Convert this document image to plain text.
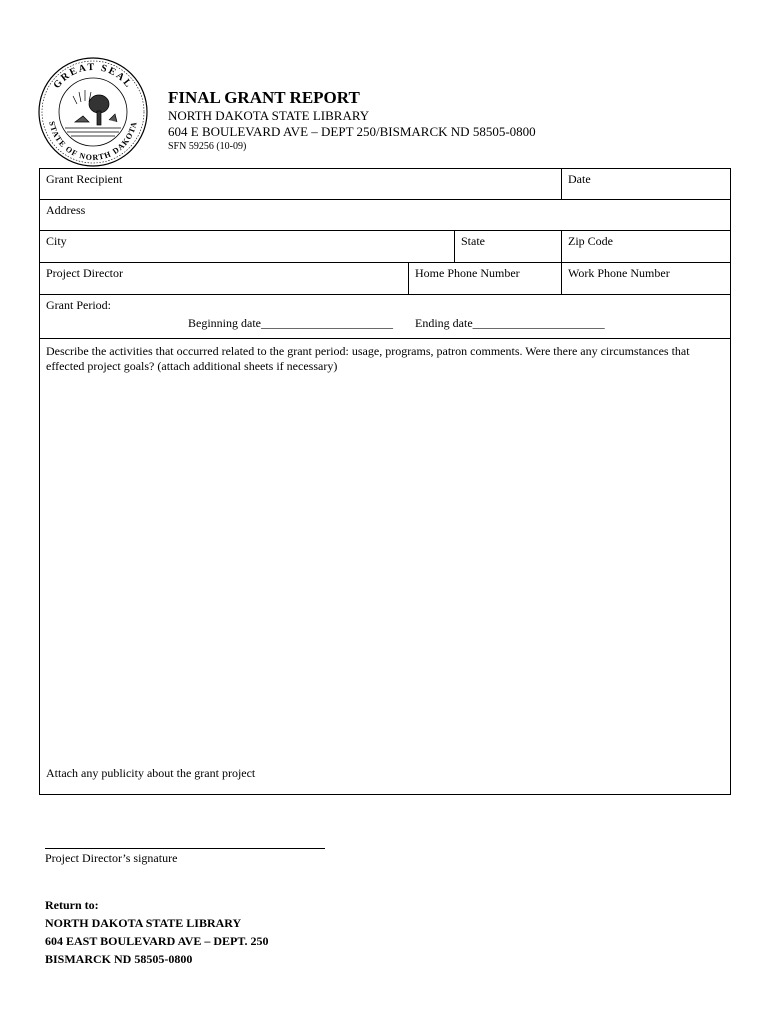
GREAT SEAL
STATE OF NORTH DAKOTA
FINAL GRANT REPORT
NORTH DAKOTA STATE LIBRARY
604 E BOULEVARD AVE – DEPT 250/BISMARCK ND 58505-0800
SFN 59256 (10-09)
Grant Recipient	Date
Address
City	State	Zip Code
Project Director	Home Phone Number	Work Phone Number
Grant Period:
Beginning date______________________ Ending date______________________
Describe the activities that occurred related to the grant period: usage, programs, patron comments. Were there any circumstances that effected project goals? (attach additional sheets if necessary)
Attach any publicity about the grant project
Project Director’s signature
Return to:
NORTH DAKOTA STATE LIBRARY
604 EAST BOULEVARD AVE – DEPT. 250
BISMARCK ND 58505-0800
